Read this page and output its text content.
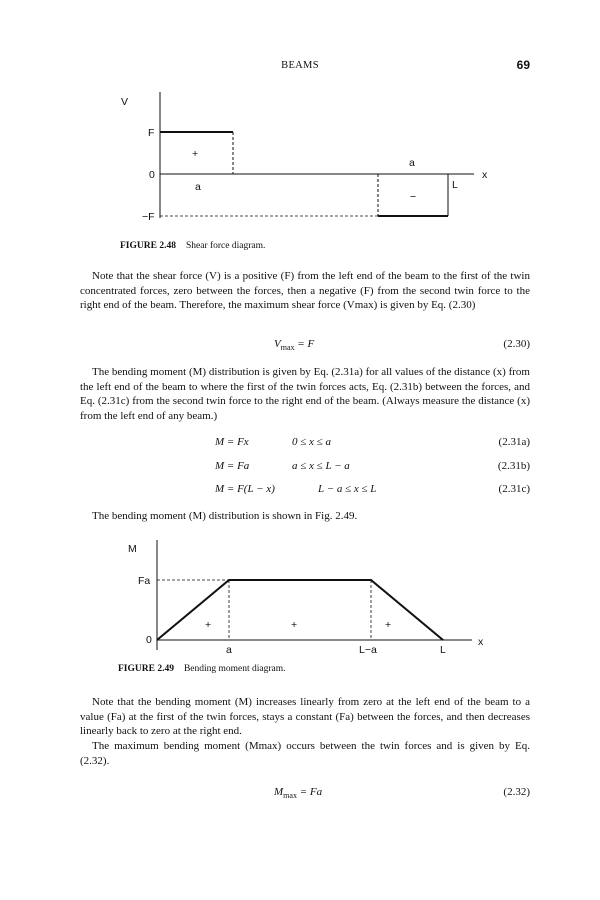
BEAMS	69
V
x
F
0
−F
+
a
a
−
L
FIGURE 2.48 Shear force diagram.

Note that the shear force (V) is a positive (F) from the left end of the beam to the first of the twin concentrated forces, zero between the forces, then a negative (F) from the second twin force to the right end of the beam. Therefore, the maximum shear force (Vmax) is given by Eq. (2.30)

$V_{max} = F$	(2.30)

The bending moment (M) distribution is given by Eq. (2.31a) for all values of the distance (x) from the left end of the beam to where the first of the twin forces acts, Eq. (2.31b) between the forces, and Eq. (2.31c) from the second twin force to the right end of the beam. (Always measure the distance (x) from the left end of any beam.)

M = Fx	0 ≤ x ≤ a	(2.31a)
M = Fa	a ≤ x ≤ L − a	(2.31b)
M = F(L − x)	L − a ≤ x ≤ L	(2.31c)

The bending moment (M) distribution is shown in Fig. 2.49.

M
x
Fa
0
+	+	+
a	L−a	L
FIGURE 2.49 Bending moment diagram.

Note that the bending moment (M) increases linearly from zero at the left end of the beam to a value (Fa) at the first of the twin forces, stays a constant (Fa) between the forces, and then decreases linearly back to zero at the right end.

The maximum bending moment (Mmax) occurs between the twin forces and is given by Eq. (2.32).

$M_{max} = Fa$	(2.32)
